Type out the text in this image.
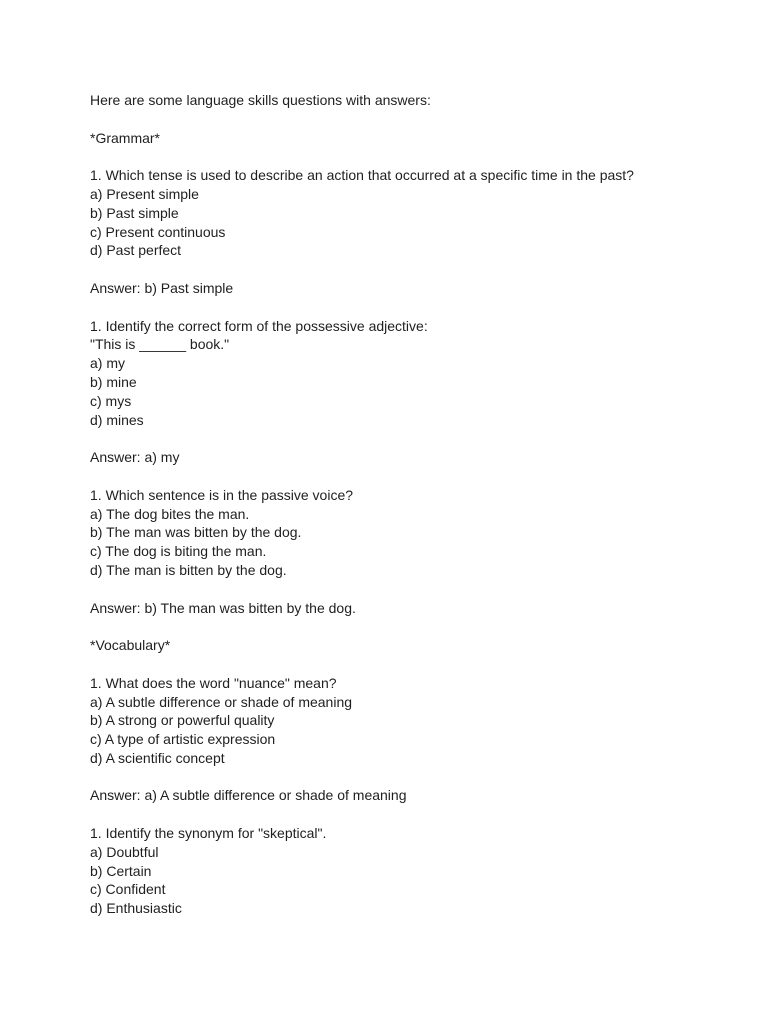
Here are some language skills questions with answers:

*Grammar*

1. Which tense is used to describe an action that occurred at a specific time in the past?

a) Present simple

b) Past simple

c) Present continuous

d) Past perfect

Answer: b) Past simple

1. Identify the correct form of the possessive adjective:

"This is ______ book."

a) my

b) mine

c) mys

d) mines

Answer: a) my

1. Which sentence is in the passive voice?

a) The dog bites the man.

b) The man was bitten by the dog.

c) The dog is biting the man.

d) The man is bitten by the dog.

Answer: b) The man was bitten by the dog.

*Vocabulary*

1. What does the word "nuance" mean?

a) A subtle difference or shade of meaning

b) A strong or powerful quality

c) A type of artistic expression

d) A scientific concept

Answer: a) A subtle difference or shade of meaning

1. Identify the synonym for "skeptical".

a) Doubtful

b) Certain

c) Confident

d) Enthusiastic
